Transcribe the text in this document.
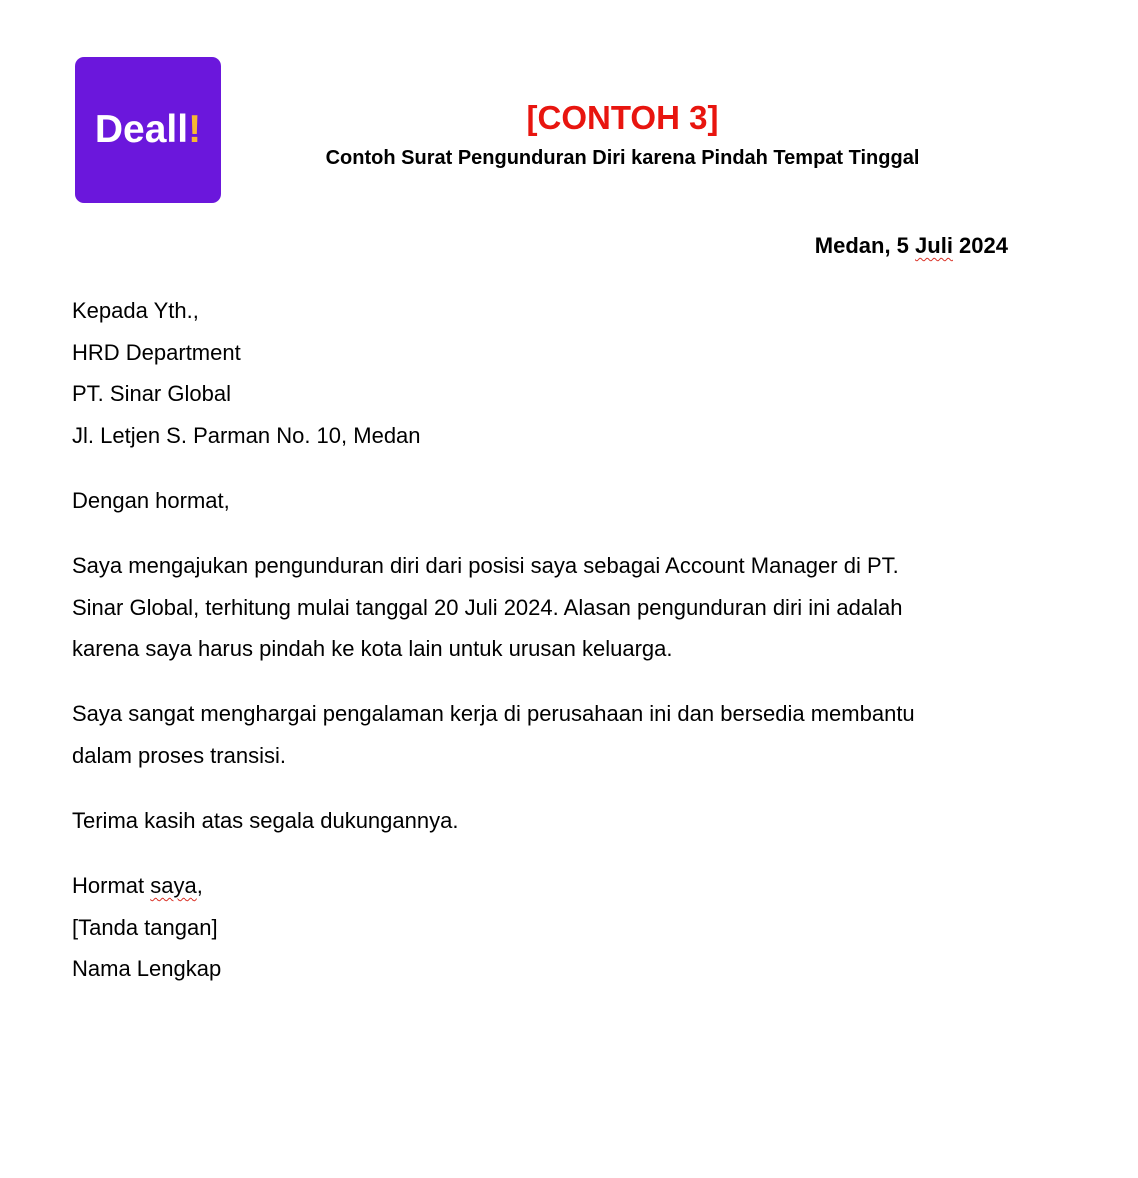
Deall!	[CONTOH 3]
Contoh Surat Pengunduran Diri karena Pindah Tempat Tinggal
Medan, 5 Juli 2024

Kepada Yth.,

HRD Department

PT. Sinar Global

Jl. Letjen S. Parman No. 10, Medan

Dengan hormat,

Saya mengajukan pengunduran diri dari posisi saya sebagai Account Manager di PT.

Sinar Global, terhitung mulai tanggal 20 Juli 2024. Alasan pengunduran diri ini adalah

karena saya harus pindah ke kota lain untuk urusan keluarga.

Saya sangat menghargai pengalaman kerja di perusahaan ini dan bersedia membantu

dalam proses transisi.

Terima kasih atas segala dukungannya.

Hormat saya,

[Tanda tangan]

Nama Lengkap
